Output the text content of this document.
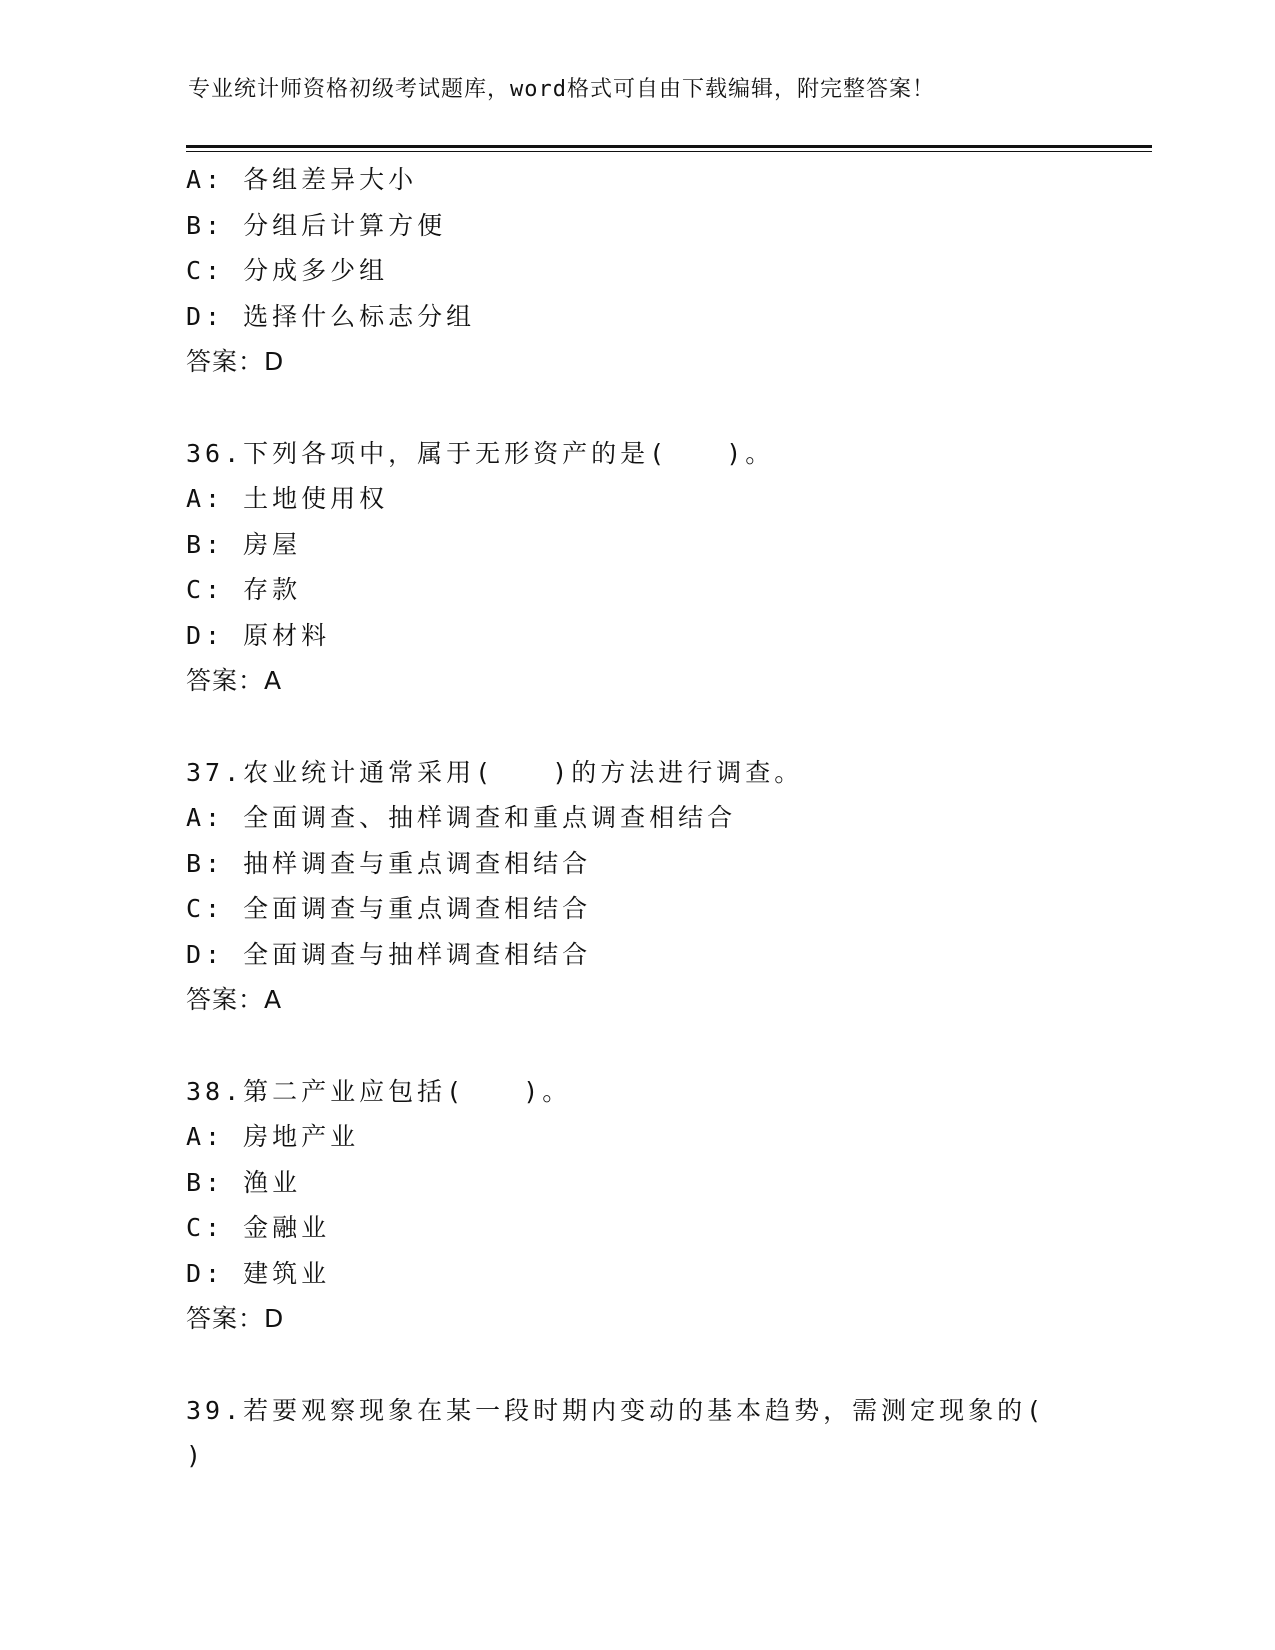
专业统计师资格初级考试题库，word格式可自由下载编辑，附完整答案！
A: 各组差异大小
B: 分组后计算方便
C: 分成多少组
D: 选择什么标志分组
答案：D
36.下列各项中，属于无形资产的是(　　)。
A: 土地使用权
B: 房屋
C: 存款
D: 原材料
答案：A
37.农业统计通常采用(　　)的方法进行调查。
A: 全面调查、抽样调查和重点调查相结合
B: 抽样调查与重点调查相结合
C: 全面调查与重点调查相结合
D: 全面调查与抽样调查相结合
答案：A
38.第二产业应包括(　　)。
A: 房地产业
B: 渔业
C: 金融业
D: 建筑业
答案：D
39.若要观察现象在某一段时期内变动的基本趋势，需测定现象的(　　)
